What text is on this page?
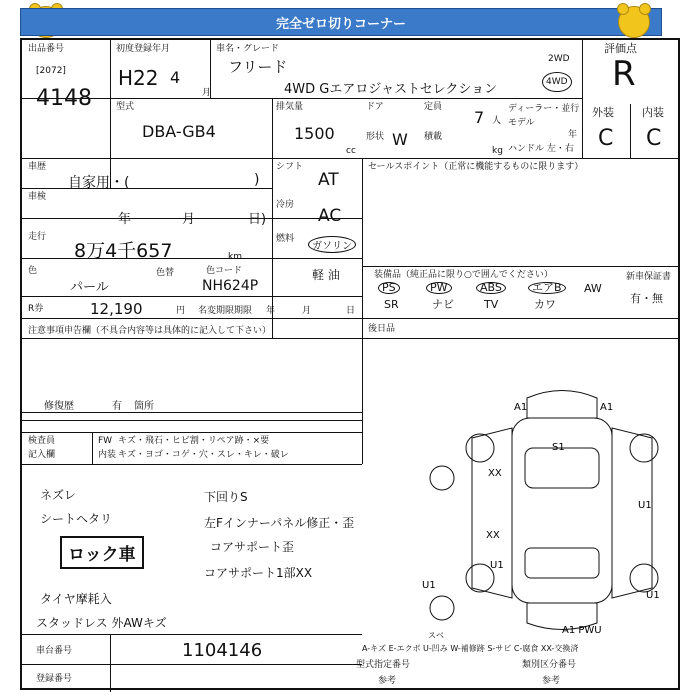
完全ゼロ切りコーナー
出品番号
[2072]
4148
初度登録年月
H22 4
月
車名・グレード
フリード
4WD Gエアロジャストセレクション
2WD
4WD
評価点
R
型式
DBA-GB4
排気量
1500
cc
ドア	定員
7 人
形状 W 積載
kg
ディーラー・並行
モデル
年
ハンドル 左・右
外装	内装
C C
車歴
自家用・(	)
車検
年	月	日)
走行
8万4千657	km
色
パール
色替	色コード
NH624P
シフト
AT
冷房
AC
燃料
ガソリン
軽 油
R券	12,190	円 名変期限期限 年	月	日
セールスポイント（正常に機能するものに限ります）
装備品（純正品に限り○で囲んでください）
PS	PW	ABS	エアB	AW
SR	ナビ	TV	カワ
新車保証書
有・無
後日品
注意事項申告欄（不具合内容等は具体的に記入して下さい）
修復歴	有 箇所
検査員
記入欄
FW キズ・飛石・ヒビ割・リペア跡・×要
内装 キズ・ヨゴ・コゲ・穴・スレ・キレ・破レ
ネズレ
シートヘタリ
ロック車
タイヤ摩耗入
スタッドレス 外AWキズ
下回りS
左Fインナーパネル修正・歪
コアサポート歪
コアサポート1部XX
車台番号	1104146
登録番号
型式指定番号	類別区分番号
参考	参考
A-キズ E-エクボ U-凹み W-補修跡 S-サビ C-腐食 XX-交換済
A1	A1
S1
XX
U1
XX
U1
U1
U1
A1 PWU
スベ
